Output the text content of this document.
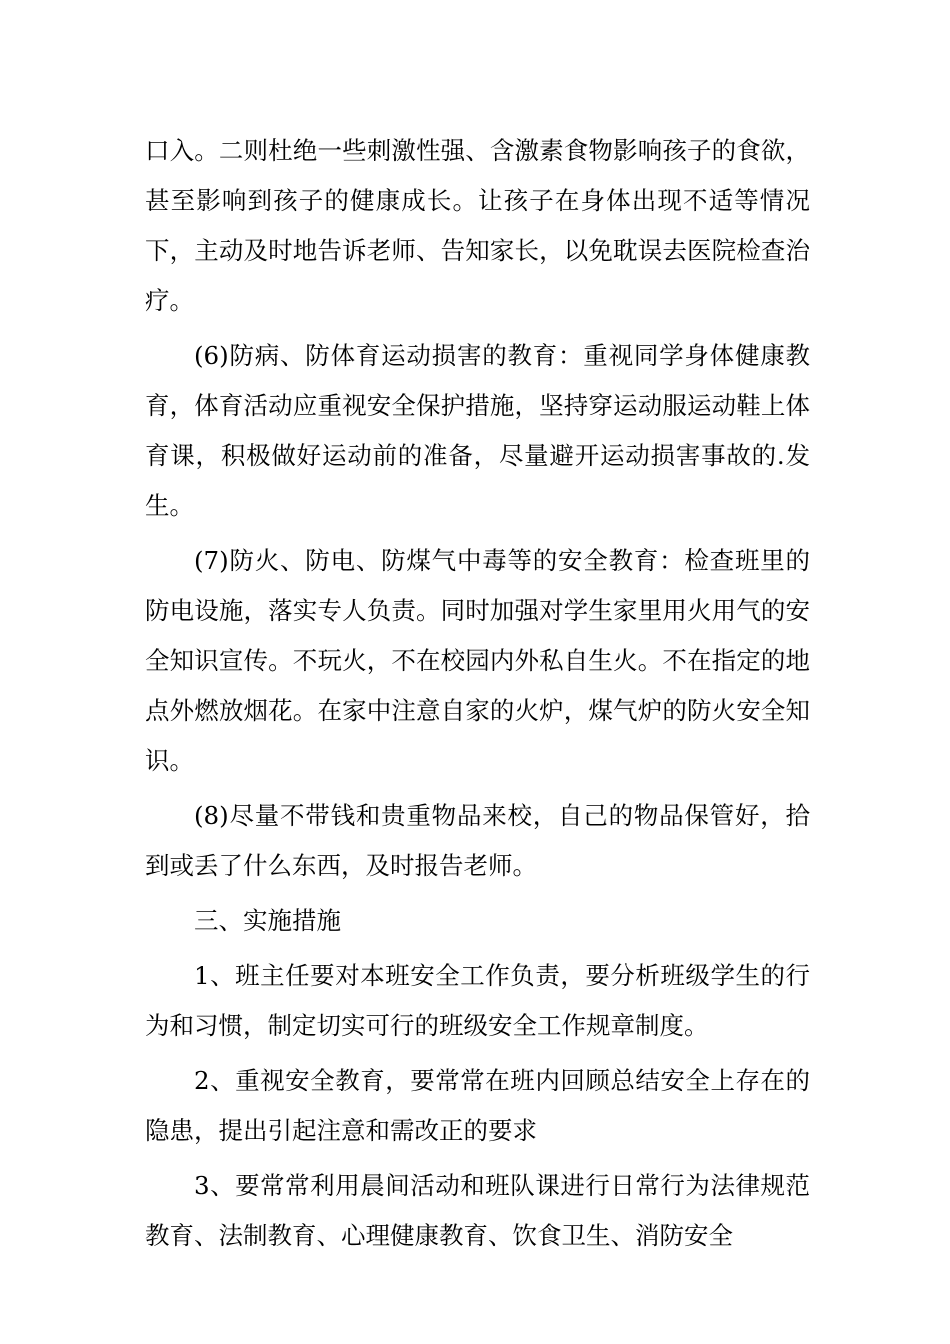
口入。二则杜绝一些刺激性强、含激素食物影响孩子的食欲，甚至影响到孩子的健康成长。让孩子在身体出现不适等情况下，主动及时地告诉老师、告知家长，以免耽误去医院检查治疗。

(6)防病、防体育运动损害的教育：重视同学身体健康教育，体育活动应重视安全保护措施，坚持穿运动服运动鞋上体育课，积极做好运动前的准备，尽量避开运动损害事故的.发生。

(7)防火、防电、防煤气中毒等的安全教育：检查班里的防电设施，落实专人负责。同时加强对学生家里用火用气的安全知识宣传。不玩火，不在校园内外私自生火。不在指定的地点外燃放烟花。在家中注意自家的火炉，煤气炉的防火安全知识。

(8)尽量不带钱和贵重物品来校，自己的物品保管好，拾到或丢了什么东西，及时报告老师。

三、实施措施

1、班主任要对本班安全工作负责，要分析班级学生的行为和习惯，制定切实可行的班级安全工作规章制度。

2、重视安全教育，要常常在班内回顾总结安全上存在的隐患，提出引起注意和需改正的要求

3、要常常利用晨间活动和班队课进行日常行为法律规范教育、法制教育、心理健康教育、饮食卫生、消防安全
